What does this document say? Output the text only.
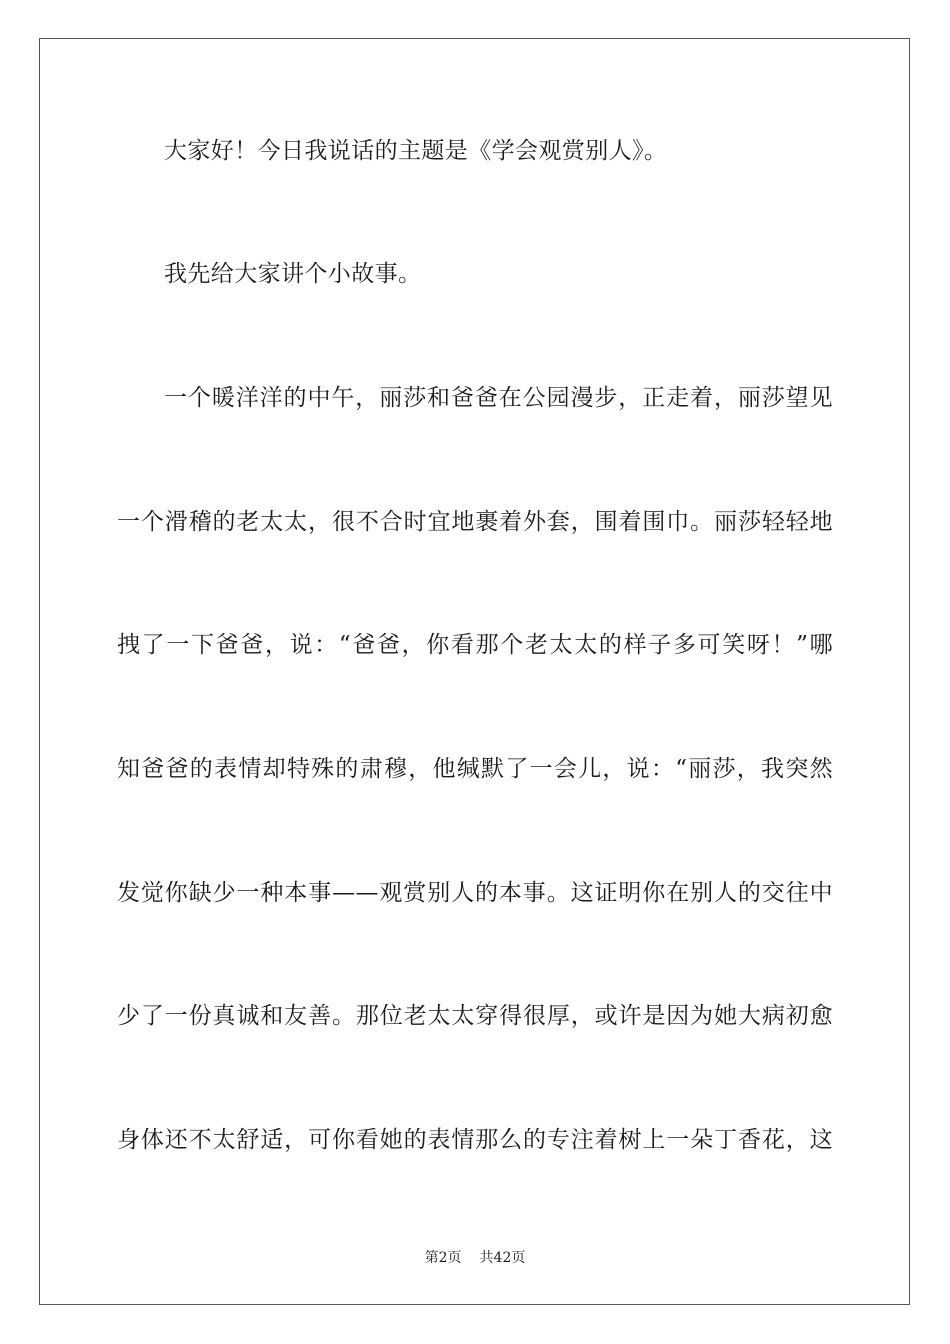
大家好！今日我说话的主题是《学会观赏别人》。
我先给大家讲个小故事。
一个暖洋洋的中午，丽莎和爸爸在公园漫步，正走着，丽莎望见
一个滑稽的老太太，很不合时宜地裹着外套，围着围巾。丽莎轻轻地
拽了一下爸爸，说：“爸爸，你看那个老太太的样子多可笑呀！”哪
知爸爸的表情却特殊的肃穆，他缄默了一会儿，说：“丽莎，我突然
发觉你缺少一种本事——观赏别人的本事。这证明你在别人的交往中
少了一份真诚和友善。那位老太太穿得很厚，或许是因为她大病初愈
身体还不太舒适，可你看她的表情那么的专注着树上一朵丁香花，这
第2页 共42页
